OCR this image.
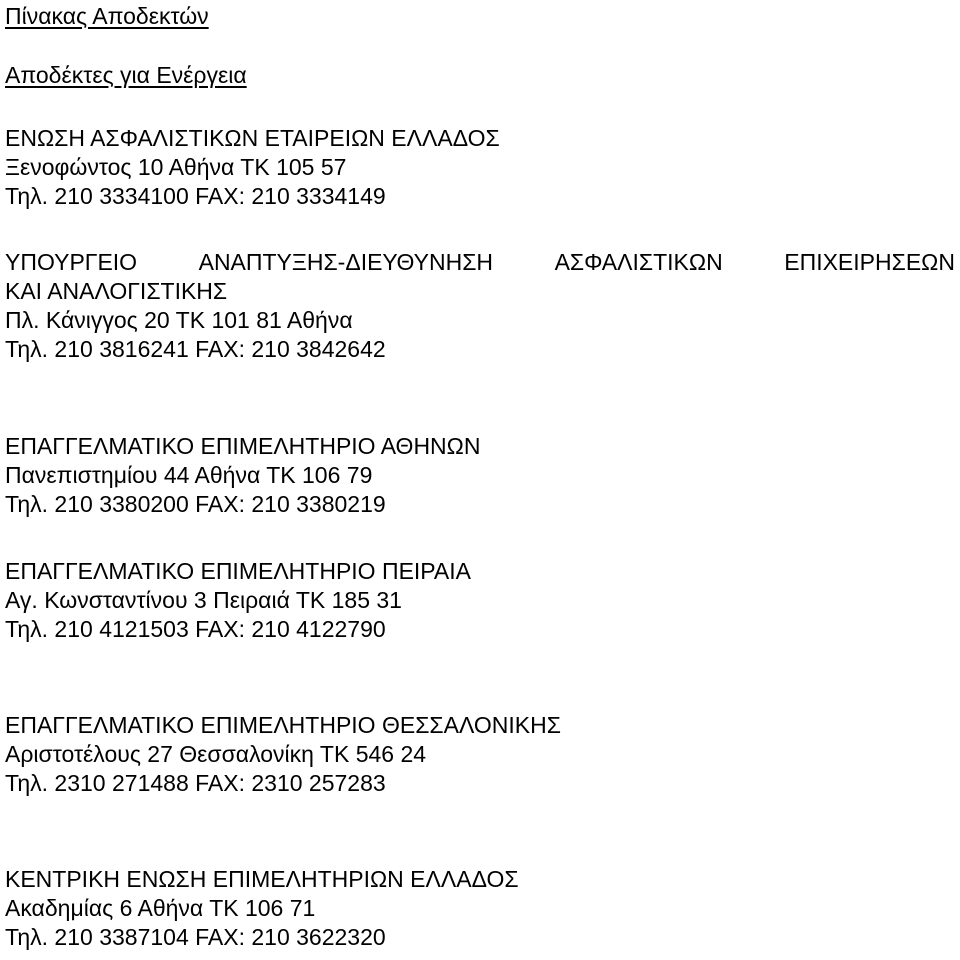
Πίνακας Αποδεκτών
Αποδέκτες για Ενέργεια
ΕΝΩΣΗ ΑΣΦΑΛΙΣΤΙΚΩΝ ΕΤΑΙΡΕΙΩΝ ΕΛΛΑΔΟΣ
Ξενοφώντος 10 Αθήνα ΤΚ 105 57
Τηλ. 210 3334100 FAX: 210 3334149
ΥΠΟΥΡΓΕΙΟ	ΑΝΑΠΤΥΞΗΣ-ΔΙΕΥΘΥΝΗΣΗ	ΑΣΦΑΛΙΣΤΙΚΩΝ	ΕΠΙΧΕΙΡΗΣΕΩΝ
ΚΑΙ ΑΝΑΛΟΓΙΣΤΙΚΗΣ
Πλ. Κάνιγγος 20 ΤΚ 101 81 Αθήνα
Τηλ. 210 3816241 FAX: 210 3842642
ΕΠΑΓΓΕΛΜΑΤΙΚΟ ΕΠΙΜΕΛΗΤΗΡΙΟ ΑΘΗΝΩΝ
Πανεπιστημίου 44 Αθήνα ΤΚ 106 79
Τηλ. 210 3380200 FAX: 210 3380219
ΕΠΑΓΓΕΛΜΑΤΙΚΟ ΕΠΙΜΕΛΗΤΗΡΙΟ ΠΕΙΡΑΙΑ
Αγ. Κωνσταντίνου 3 Πειραιά ΤΚ 185 31
Τηλ. 210 4121503 FAX: 210 4122790
ΕΠΑΓΓΕΛΜΑΤΙΚΟ ΕΠΙΜΕΛΗΤΗΡΙΟ ΘΕΣΣΑΛΟΝΙΚΗΣ
Αριστοτέλους 27 Θεσσαλονίκη ΤΚ 546 24
Τηλ. 2310 271488 FAX: 2310 257283
ΚΕΝΤΡΙΚΗ ΕΝΩΣΗ ΕΠΙΜΕΛΗΤΗΡΙΩΝ ΕΛΛΑΔΟΣ
Ακαδημίας 6 Αθήνα ΤΚ 106 71
Τηλ. 210 3387104 FAX: 210 3622320
